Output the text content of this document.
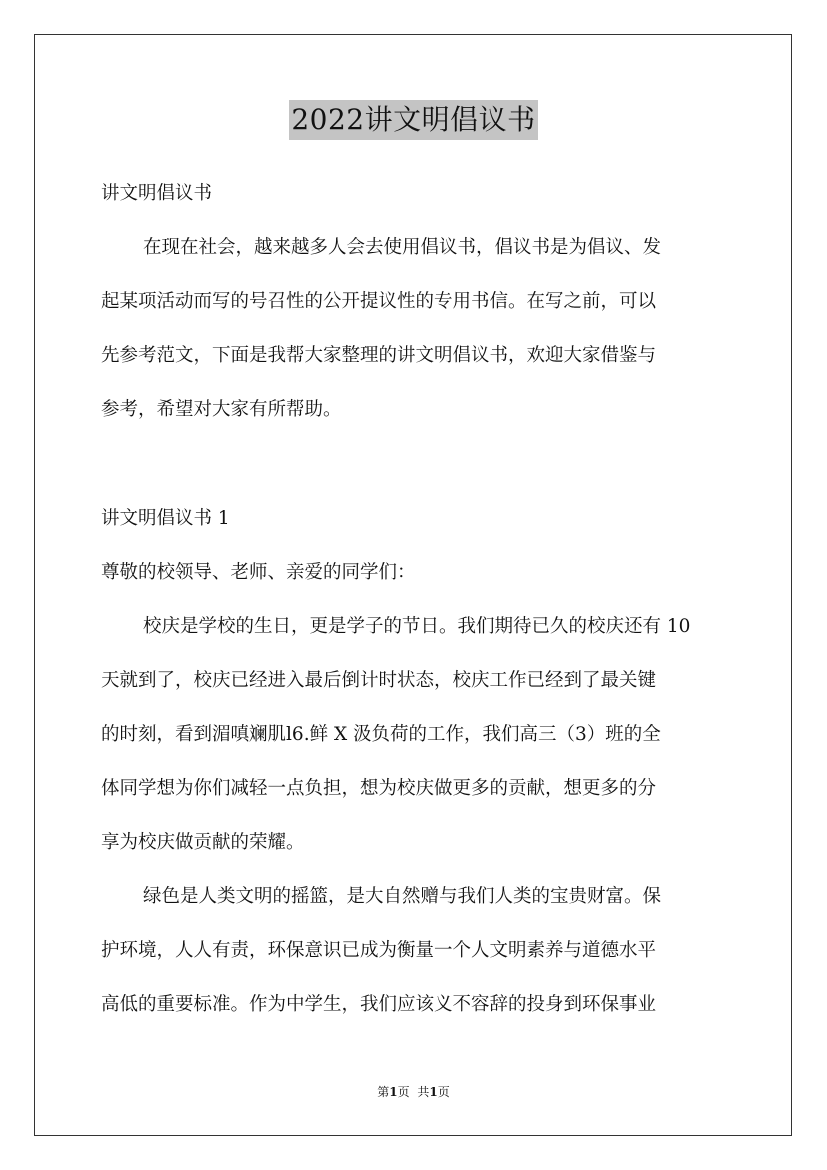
2022讲文明倡议书
讲文明倡议书
在现在社会，越来越多人会去使用倡议书，倡议书是为倡议、发
起某项活动而写的号召性的公开提议性的专用书信。在写之前，可以
先参考范文，下面是我帮大家整理的讲文明倡议书，欢迎大家借鉴与
参考，希望对大家有所帮助。
讲文明倡议书 1
尊敬的校领导、老师、亲爱的同学们：
校庆是学校的生日，更是学子的节日。我们期待已久的校庆还有 10
天就到了，校庆已经进入最后倒计时状态，校庆工作已经到了最关键
的时刻，看到湄嗔斓肌l6.鲜 X 汲负荷的工作，我们高三（3）班的全
体同学想为你们减轻一点负担，想为校庆做更多的贡献，想更多的分
享为校庆做贡献的荣耀。
绿色是人类文明的摇篮，是大自然赠与我们人类的宝贵财富。保
护环境，人人有责，环保意识已成为衡量一个人文明素养与道德水平
高低的重要标准。作为中学生，我们应该义不容辞的投身到环保事业
第1页 共1页
